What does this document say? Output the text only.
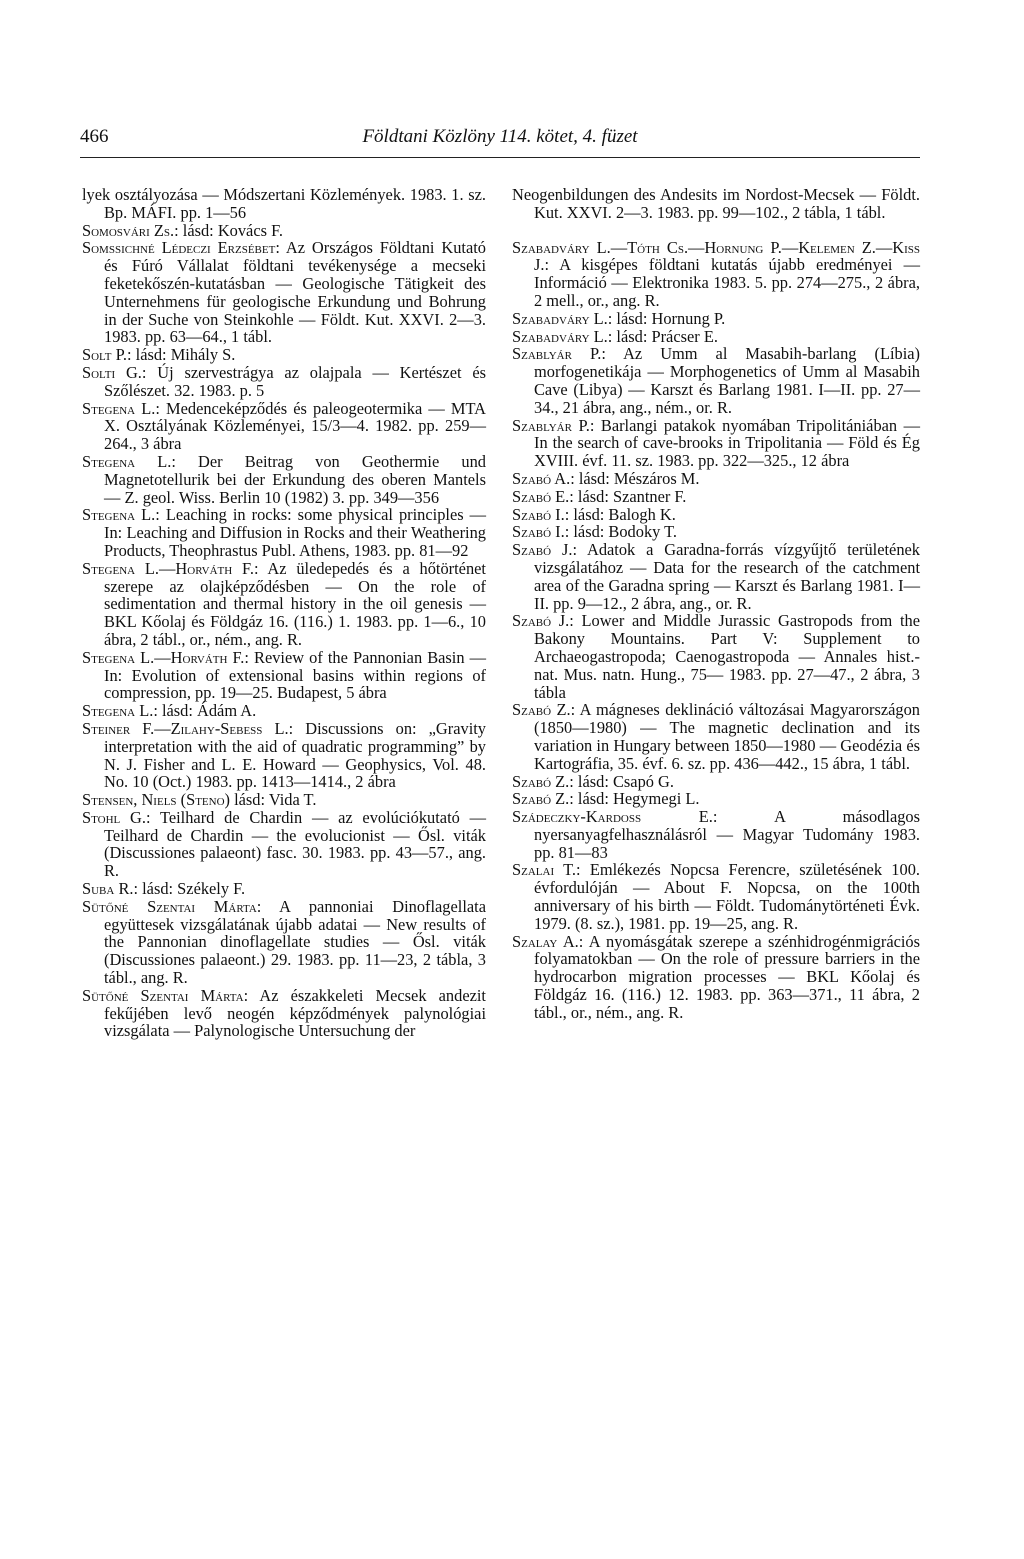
466	Földtani Közlöny 114. kötet, 4. füzet

lyek osztályozása — Módszertani Közlemények. 1983. 1. sz. Bp. MÁFI. pp. 1—56

Somosvári Zs.: lásd: Kovács F.

Somssichné Lédeczi Erzsébet: Az Országos Földtani Kutató és Fúró Vállalat földtani tevékenysége a mecseki feketekőszén-kutatásban — Geologische Tätigkeit des Unternehmens für geologische Erkundung und Bohrung in der Suche von Steinkohle — Földt. Kut. XXVI. 2—3. 1983. pp. 63—64., 1 tábl.

Solt P.: lásd: Mihály S.

Solti G.: Új szervestrágya az olajpala — Kertészet és Szőlészet. 32. 1983. p. 5

Stegena L.: Medenceképződés és paleogeotermika — MTA X. Osztályának Közleményei, 15/3—4. 1982. pp. 259—264., 3 ábra

Stegena L.: Der Beitrag von Geothermie und Magnetotellurik bei der Erkundung des oberen Mantels — Z. geol. Wiss. Berlin 10 (1982) 3. pp. 349—356

Stegena L.: Leaching in rocks: some physical principles — In: Leaching and Diffusion in Rocks and their Weathering Products, Theophrastus Publ. Athens, 1983. pp. 81—92

Stegena L.—Horváth F.: Az üledepedés és a hőtörténet szerepe az olajképződésben — On the role of sedimentation and thermal history in the oil genesis — BKL Kőolaj és Földgáz 16. (116.) 1. 1983. pp. 1—6., 10 ábra, 2 tábl., or., ném., ang. R.

Stegena L.—Horváth F.: Review of the Pannonian Basin — In: Evolution of extensional basins within regions of compression, pp. 19—25. Budapest, 5 ábra

Stegena L.: lásd: Ádám A.

Steiner F.—Zilahy-Sebess L.: Discussions on: „Gravity interpretation with the aid of quadratic programming” by N. J. Fisher and L. E. Howard — Geophysics, Vol. 48. No. 10 (Oct.) 1983. pp. 1413—1414., 2 ábra

Stensen, Niels (Steno) lásd: Vida T.

Stohl G.: Teilhard de Chardin — az evolúciókutató — Teilhard de Chardin — the evolucionist — Ősl. viták (Discussiones palaeont) fasc. 30. 1983. pp. 43—57., ang. R.

Suba R.: lásd: Székely F.

Sütőné Szentai Márta: A pannoniai Dinoflagellata együttesek vizsgálatának újabb adatai — New results of the Pannonian dinoflagellate studies — Ősl. viták (Discussiones palaeont.) 29. 1983. pp. 11—23, 2 tábla, 3 tábl., ang. R.

Sütőné Szentai Márta: Az északkeleti Mecsek andezit fekűjében levő neogén képződmények palynológiai vizsgálata — Palynologische Untersuchung der

Neogenbildungen des Andesits im Nordost-Mecsek — Földt. Kut. XXVI. 2—3. 1983. pp. 99—102., 2 tábla, 1 tábl.

Szabadváry L.—Tóth Cs.—Hornung P.—Kelemen Z.—Kiss J.: A kisgépes földtani kutatás újabb eredményei — Információ — Elektronika 1983. 5. pp. 274—275., 2 ábra, 2 mell., or., ang. R.

Szabadváry L.: lásd: Hornung P.

Szabadváry L.: lásd: Prácser E.

Szablyár P.: Az Umm al Masabih-barlang (Líbia) morfogenetikája — Morphogenetics of Umm al Masabih Cave (Libya) — Karszt és Barlang 1981. I—II. pp. 27—34., 21 ábra, ang., ném., or. R.

Szablyár P.: Barlangi patakok nyomában Tripolitániában — In the search of cave-brooks in Tripolitania — Föld és Ég XVIII. évf. 11. sz. 1983. pp. 322—325., 12 ábra

Szabó A.: lásd: Mészáros M.

Szabó E.: lásd: Szantner F.

Szabó I.: lásd: Balogh K.

Szabó I.: lásd: Bodoky T.

Szabó J.: Adatok a Garadna-forrás vízgyűjtő területének vizsgálatához — Data for the research of the catchment area of the Garadna spring — Karszt és Barlang 1981. I—II. pp. 9—12., 2 ábra, ang., or. R.

Szabó J.: Lower and Middle Jurassic Gastropods from the Bakony Mountains. Part V: Supplement to Archaeogastropoda; Caenogastropoda — Annales hist.-nat. Mus. natn. Hung., 75— 1983. pp. 27—47., 2 ábra, 3 tábla

Szabó Z.: A mágneses deklináció változásai Magyarországon (1850—1980) — The magnetic declination and its variation in Hungary between 1850—1980 — Geodézia és Kartográfia, 35. évf. 6. sz. pp. 436—442., 15 ábra, 1 tábl.

Szabó Z.: lásd: Csapó G.

Szabó Z.: lásd: Hegymegi L.

Szádeczky-Kardoss E.: A másodlagos nyersanyagfelhasználásról — Magyar Tudomány 1983. pp. 81—83

Szalai T.: Emlékezés Nopcsa Ferencre, születésének 100. évfordulóján — About F. Nopcsa, on the 100th anniversary of his birth — Földt. Tudománytörténeti Évk. 1979. (8. sz.), 1981. pp. 19—25, ang. R.

Szalay A.: A nyomásgátak szerepe a szénhidrogénmigrációs folyamatokban — On the role of pressure barriers in the hydrocarbon migration processes — BKL Kőolaj és Földgáz 16. (116.) 12. 1983. pp. 363—371., 11 ábra, 2 tábl., or., ném., ang. R.
